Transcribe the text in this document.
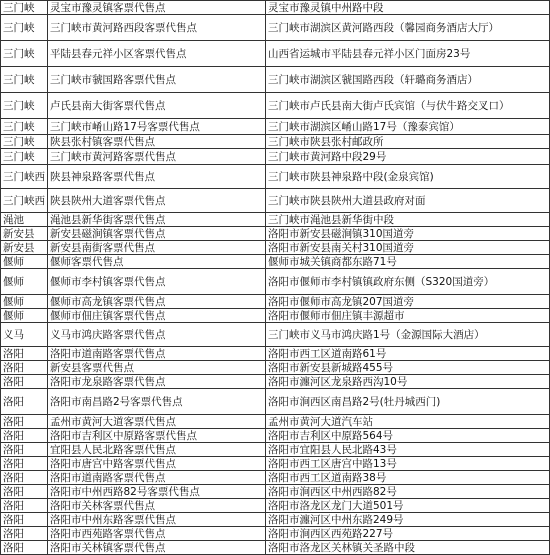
三门峡	灵宝市豫灵镇客票代售点	灵宝市豫灵镇中州路中段
三门峡	三门峡市黄河路西段客票代售点	三门峡市湖滨区黄河路西段（馨园商务酒店大厅）
三门峡	平陆县春元祥小区客票代售点	山西省运城市平陆县春元祥小区门面房23号
三门峡	三门峡市虢国路客票代售点	三门峡市湖滨区虢国路西段（轩璐商务酒店）
三门峡	卢氏县南大街客票代售点	三门峡市卢氏县南大街卢氏宾馆（与伏牛路交叉口）
三门峡	三门峡市崤山路17号客票代售点	三门峡市湖滨区崤山路17号（豫泰宾馆）
三门峡	陕县张村镇客票代售点	三门峡市陕县张村邮政所
三门峡	三门峡市黄河路客票代售点	三门峡市黄河路中段29号
三门峡西	陕县神泉路客票代售点	三门峡市陕县神泉路中段(金泉宾馆)
三门峡西	陕县陕州大道客票代售点	三门峡市陕县陕州大道县政府对面
渑池	渑池县新华街客票代售点	三门峡市渑池县新华街中段
新安县	新安县磁涧镇客票代售点	洛阳市新安县磁涧镇310国道旁
新安县	新安县南街客票代售点	洛阳市新安县南关村310国道旁
偃师	偃师客票代售点	偃师市城关镇商都东路71号
偃师	偃师市李村镇客票代售点	洛阳市偃师市李村镇镇政府东侧（S320国道旁）
偃师	偃师市高龙镇客票代售点	洛阳市偃师市高龙镇207国道旁
偃师	偃师市佃庄镇客票代售点	洛阳市偃师市佃庄镇丰源超市
义马	义马市鸿庆路客票代售点	三门峡市义马市鸿庆路1号（金源国际大酒店）
洛阳	洛阳市道南路客票代售点	洛阳市西工区道南路61号
洛阳	新安县客票代售点	洛阳市新安县新城路455号
洛阳	洛阳市龙泉路客票代售点	洛阳市瀍河区龙泉路西沟10号
洛阳	洛阳市南昌路2号客票代售点	洛阳市涧西区南昌路2号(牡丹城西门)
洛阳	孟州市黄河大道客票代售点	孟州市黄河大道汽车站
洛阳	洛阳市吉利区中原路客票代售点	洛阳市吉利区中原路564号
洛阳	宜阳县人民北路客票代售点	洛阳市宜阳县人民北路43号
洛阳	洛阳市唐宫中路客票代售点	洛阳市西工区唐宫中路13号
洛阳	洛阳市道南路客票代售点	洛阳市西工区道南路38号
洛阳	洛阳市中州西路82号客票代售点	洛阳市涧西区中州西路82号
洛阳	洛阳市关林客票代售点	洛阳市洛龙区龙门大道501号
洛阳	洛阳市中州东路客票代售点	洛阳市瀍河区中州东路249号
洛阳	洛阳市西苑路客票代售点	洛阳市涧西区西苑路227号
洛阳	洛阳市关林镇客票代售点	洛阳市洛龙区关林镇关圣路中段
